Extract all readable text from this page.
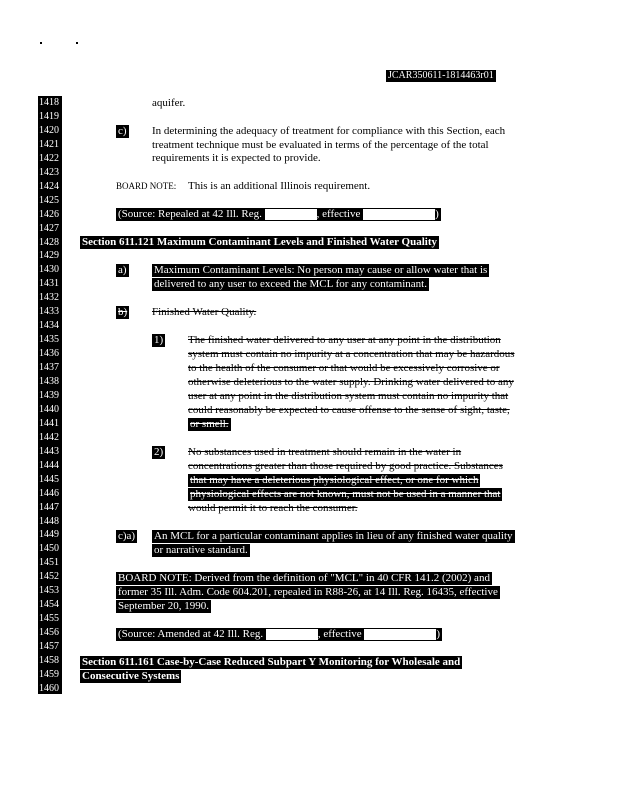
JCAR350611-1814463r01
1418
1419
1420
1421
1422
1423
1424
1425
1426
1427
1428
1429
1430
1431
1432
1433
1434
1435
1436
1437
1438
1439
1440
1441
1442
1443
1444
1445
1446
1447
1448
1449
1450
1451
1452
1453
1454
1455
1456
1457
1458
1459
1460
aquifer.
c) In determining the adequacy of treatment for compliance with this Section, each
treatment technique must be evaluated in terms of the percentage of the total
requirements it is expected to provide.
BOARD NOTE: This is an additional Illinois requirement.
(Source: Repealed at 42 Ill. Reg.	, effective	)
Section 611.121 Maximum Contaminant Levels and Finished Water Quality
a) Maximum Contaminant Levels: No person may cause or allow water that is
delivered to any user to exceed the MCL for any contaminant.
b) Finished Water Quality.
1) The finished water delivered to any user at any point in the distribution
system must contain no impurity at a concentration that may be hazardous
to the health of the consumer or that would be excessively corrosive or
otherwise deleterious to the water supply. Drinking water delivered to any
user at any point in the distribution system must contain no impurity that
could reasonably be expected to cause offense to the sense of sight, taste,
or smell.
2) No substances used in treatment should remain in the water in
concentrations greater than those required by good practice. Substances
that may have a deleterious physiological effect, or one for which
physiological effects are not known, must not be used in a manner that
would permit it to reach the consumer.
c)a) An MCL for a particular contaminant applies in lieu of any finished water quality
or narrative standard.
BOARD NOTE: Derived from the definition of "MCL" in 40 CFR 141.2 (2002) and
former 35 Ill. Adm. Code 604.201, repealed in R88-26, at 14 Ill. Reg. 16435, effective
September 20, 1990.
(Source: Amended at 42 Ill. Reg.	, effective	)
Section 611.161 Case-by-Case Reduced Subpart Y Monitoring for Wholesale and
Consecutive Systems
